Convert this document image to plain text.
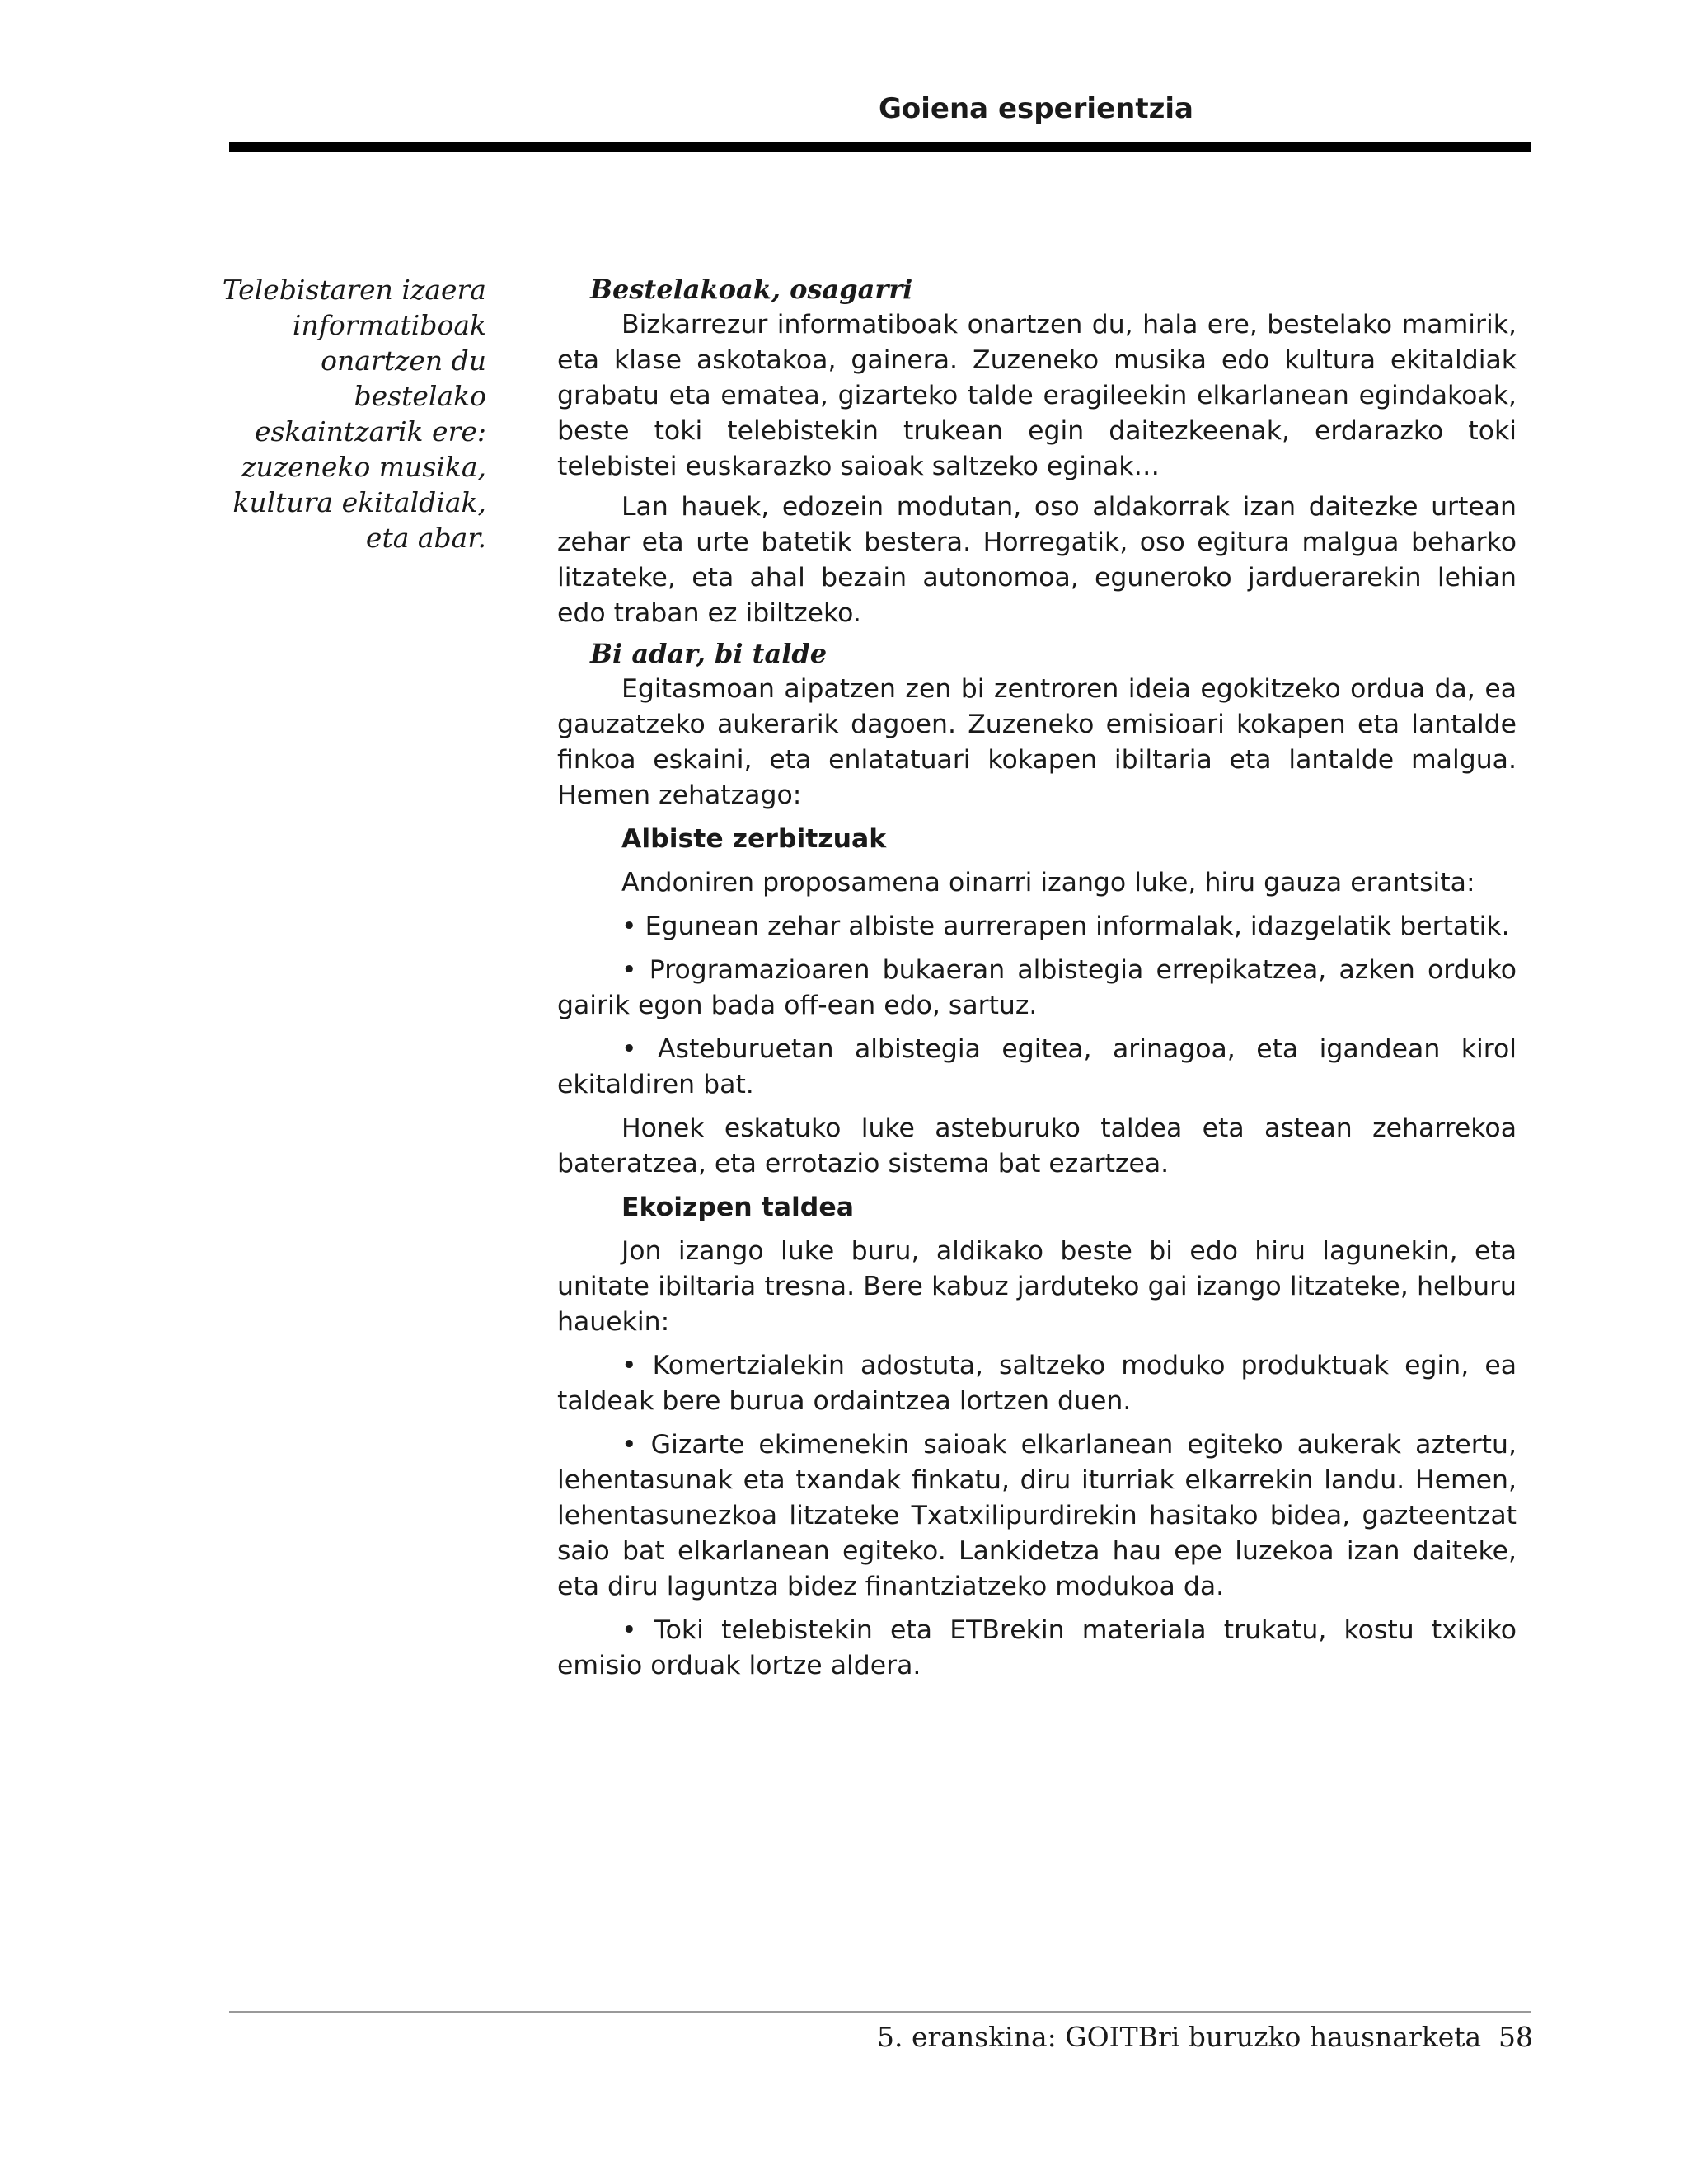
Goiena esperientzia
Telebistaren izaera
informatiboak
onartzen du
bestelako
eskaintzarik ere:
zuzeneko musika,
kultura ekitaldiak,
eta abar.
Bestelakoak, osagarri

Bizkarrezur informatiboak onartzen du, hala ere, bestelako mamirik, eta klase askotakoa, gainera. Zuzeneko musika edo kultura ekitaldiak grabatu eta ematea, gizarteko talde eragileekin elkarlanean egindakoak, beste toki telebistekin trukean egin daitezkeenak, erdarazko toki telebistei euskarazko saioak saltzeko eginak…

Lan hauek, edozein modutan, oso aldakorrak izan daitezke urtean zehar eta urte batetik bestera. Horregatik, oso egitura malgua beharko litzateke, eta ahal bezain autonomoa, eguneroko jarduerarekin lehian edo traban ez ibiltzeko.

Bi adar, bi talde

Egitasmoan aipatzen zen bi zentroren ideia egokitzeko ordua da, ea gauzatzeko aukerarik dagoen. Zuzeneko emisioari kokapen eta lantalde finkoa eskaini, eta enlatatuari kokapen ibiltaria eta lantalde malgua. Hemen zehatzago:

Albiste zerbitzuak

Andoniren proposamena oinarri izango luke, hiru gauza erantsita:

• Egunean zehar albiste aurrerapen informalak, idazgelatik bertatik.

• Programazioaren bukaeran albistegia errepikatzea, azken orduko gairik egon bada off-ean edo, sartuz.

• Asteburuetan albistegia egitea, arinagoa, eta igandean kirol ekitaldiren bat.

Honek eskatuko luke asteburuko taldea eta astean zeharrekoa bateratzea, eta errotazio sistema bat ezartzea.

Ekoizpen taldea

Jon izango luke buru, aldikako beste bi edo hiru lagunekin, eta unitate ibiltaria tresna. Bere kabuz jarduteko gai izango litzateke, helburu hauekin:

• Komertzialekin adostuta, saltzeko moduko produktuak egin, ea taldeak bere burua ordaintzea lortzen duen.

• Gizarte ekimenekin saioak elkarlanean egiteko aukerak aztertu, lehentasunak eta txandak finkatu, diru iturriak elkarrekin landu. Hemen, lehentasunezkoa litzateke Txatxilipurdirekin hasitako bidea, gazteentzat saio bat elkarlanean egiteko. Lankidetza hau epe luzekoa izan daiteke, eta diru laguntza bidez finantziatzeko modukoa da.

• Toki telebistekin eta ETBrekin materiala trukatu, kostu txikiko emisio orduak lortze aldera.

5. eranskina: GOITBri buruzko hausnarketa 58
